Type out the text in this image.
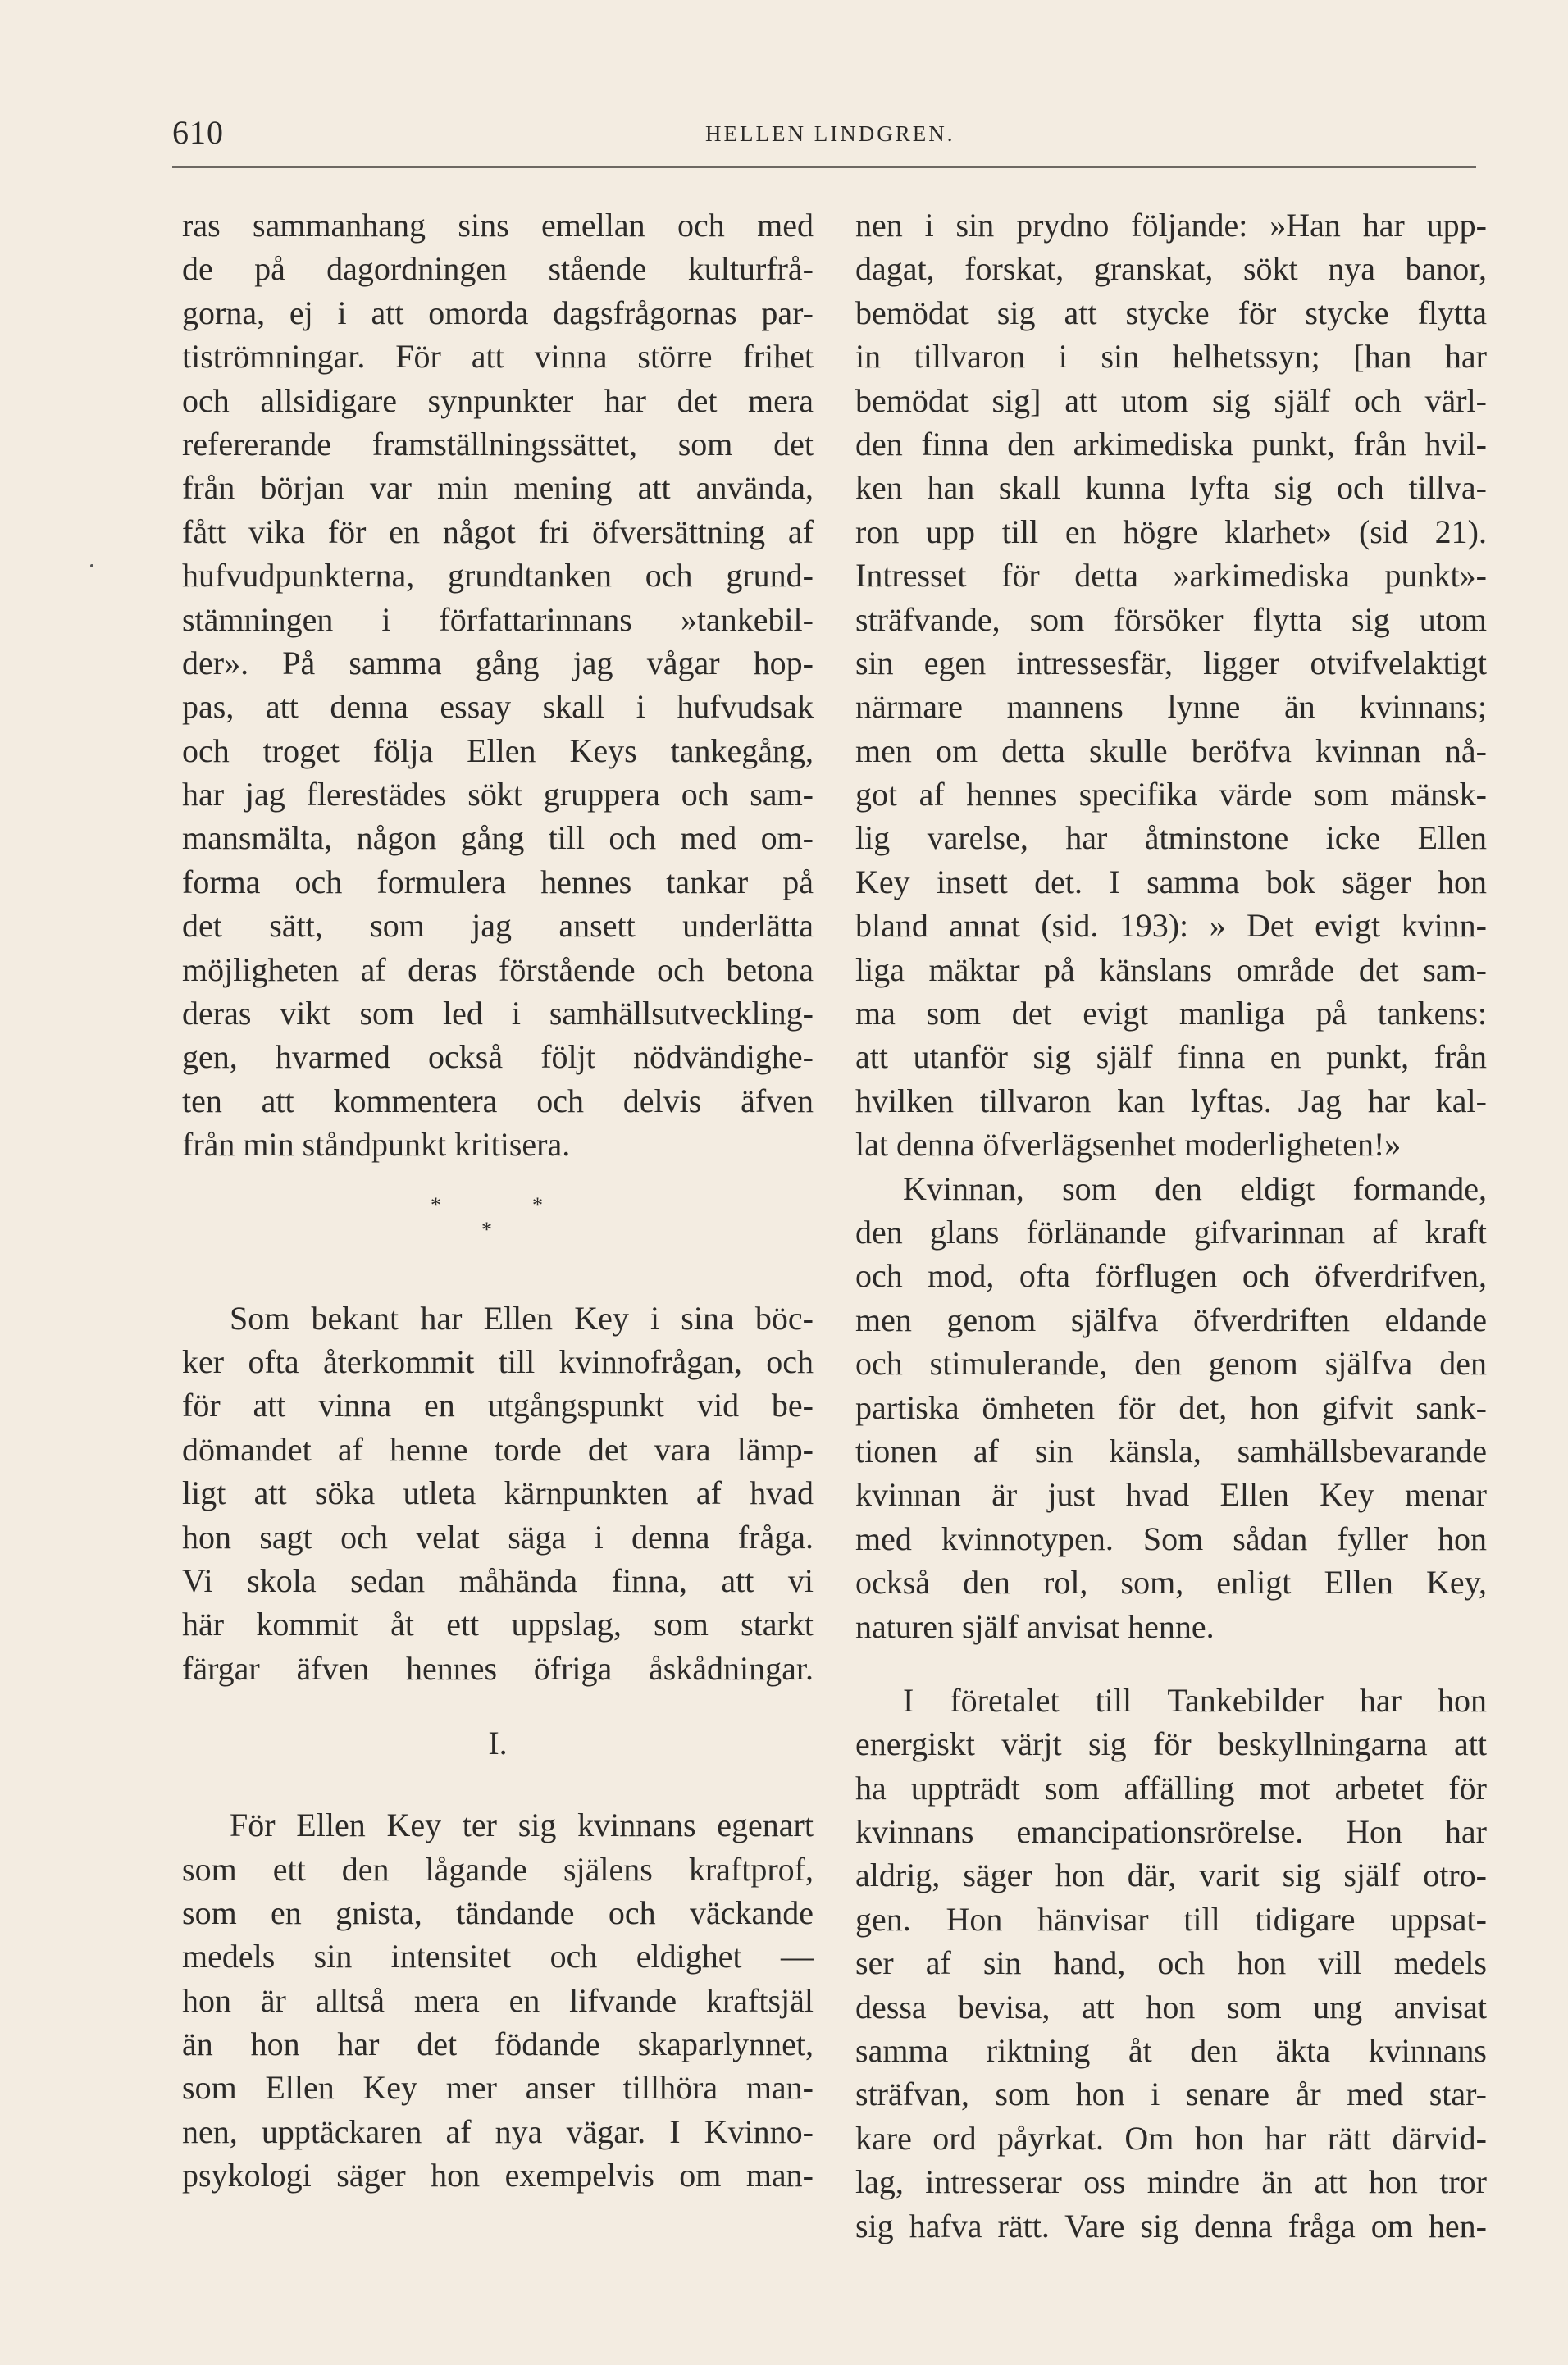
610	HELLEN LINDGREN.
ras sammanhang sins emellan och med
de på dagordningen stående kulturfrå-
gorna, ej i att omorda dagsfrågornas par-
tiströmningar. För att vinna större frihet
och allsidigare synpunkter har det mera
refererande framställningssättet, som det
från början var min mening att använda,
fått vika för en något fri öfversättning af
hufvudpunkterna, grundtanken och grund-
stämningen i författarinnans »tankebil-
der». På samma gång jag vågar hop-
pas, att denna essay skall i hufvudsak
och troget följa Ellen Keys tankegång,
har jag flerestädes sökt gruppera och sam-
mansmälta, någon gång till och med om-
forma och formulera hennes tankar på
det sätt, som jag ansett underlätta
möjligheten af deras förstående och betona
deras vikt som led i samhällsutveckling-
gen, hvarmed också följt nödvändighe-
ten att kommentera och delvis äfven
från min ståndpunkt kritisera.
*	*
*
Som bekant har Ellen Key i sina böc-
ker ofta återkommit till kvinnofrågan, och
för att vinna en utgångspunkt vid be-
dömandet af henne torde det vara lämp-
ligt att söka utleta kärnpunkten af hvad
hon sagt och velat säga i denna fråga.
Vi skola sedan måhända finna, att vi
här kommit åt ett uppslag, som starkt
färgar äfven hennes öfriga åskådningar.
I.
För Ellen Key ter sig kvinnans egenart
som ett den lågande själens kraftprof,
som en gnista, tändande och väckande
medels sin intensitet och eldighet —
hon är alltså mera en lifvande kraftsjäl
än hon har det födande skaparlynnet,
som Ellen Key mer anser tillhöra man-
nen, upptäckaren af nya vägar. I Kvinno-
psykologi säger hon exempelvis om man-
nen i sin prydno följande: »Han har upp-
dagat, forskat, granskat, sökt nya banor,
bemödat sig att stycke för stycke flytta
in tillvaron i sin helhetssyn; [han har
bemödat sig] att utom sig själf och värl-
den finna den arkimediska punkt, från hvil-
ken han skall kunna lyfta sig och tillva-
ron upp till en högre klarhet» (sid 21).
Intresset för detta »arkimediska punkt»-
sträfvande, som försöker flytta sig utom
sin egen intressesfär, ligger otvifvelaktigt
närmare mannens lynne än kvinnans;
men om detta skulle beröfva kvinnan nå-
got af hennes specifika värde som mänsk-
lig varelse, har åtminstone icke Ellen
Key insett det. I samma bok säger hon
bland annat (sid. 193): » Det evigt kvinn-
liga mäktar på känslans område det sam-
ma som det evigt manliga på tankens:
att utanför sig själf finna en punkt, från
hvilken tillvaron kan lyftas. Jag har kal-
lat denna öfverlägsenhet moderligheten!»
Kvinnan, som den eldigt formande,
den glans förlänande gifvarinnan af kraft
och mod, ofta förflugen och öfverdrifven,
men genom själfva öfverdriften eldande
och stimulerande, den genom själfva den
partiska ömheten för det, hon gifvit sank-
tionen af sin känsla, samhällsbevarande
kvinnan är just hvad Ellen Key menar
med kvinnotypen. Som sådan fyller hon
också den rol, som, enligt Ellen Key,
naturen själf anvisat henne.
I företalet till Tankebilder har hon
energiskt värjt sig för beskyllningarna att
ha uppträdt som affälling mot arbetet för
kvinnans emancipationsrörelse. Hon har
aldrig, säger hon där, varit sig själf otro-
gen. Hon hänvisar till tidigare uppsat-
ser af sin hand, och hon vill medels
dessa bevisa, att hon som ung anvisat
samma riktning åt den äkta kvinnans
sträfvan, som hon i senare år med star-
kare ord påyrkat. Om hon har rätt därvid-
lag, intresserar oss mindre än att hon tror
sig hafva rätt. Vare sig denna fråga om hen-
